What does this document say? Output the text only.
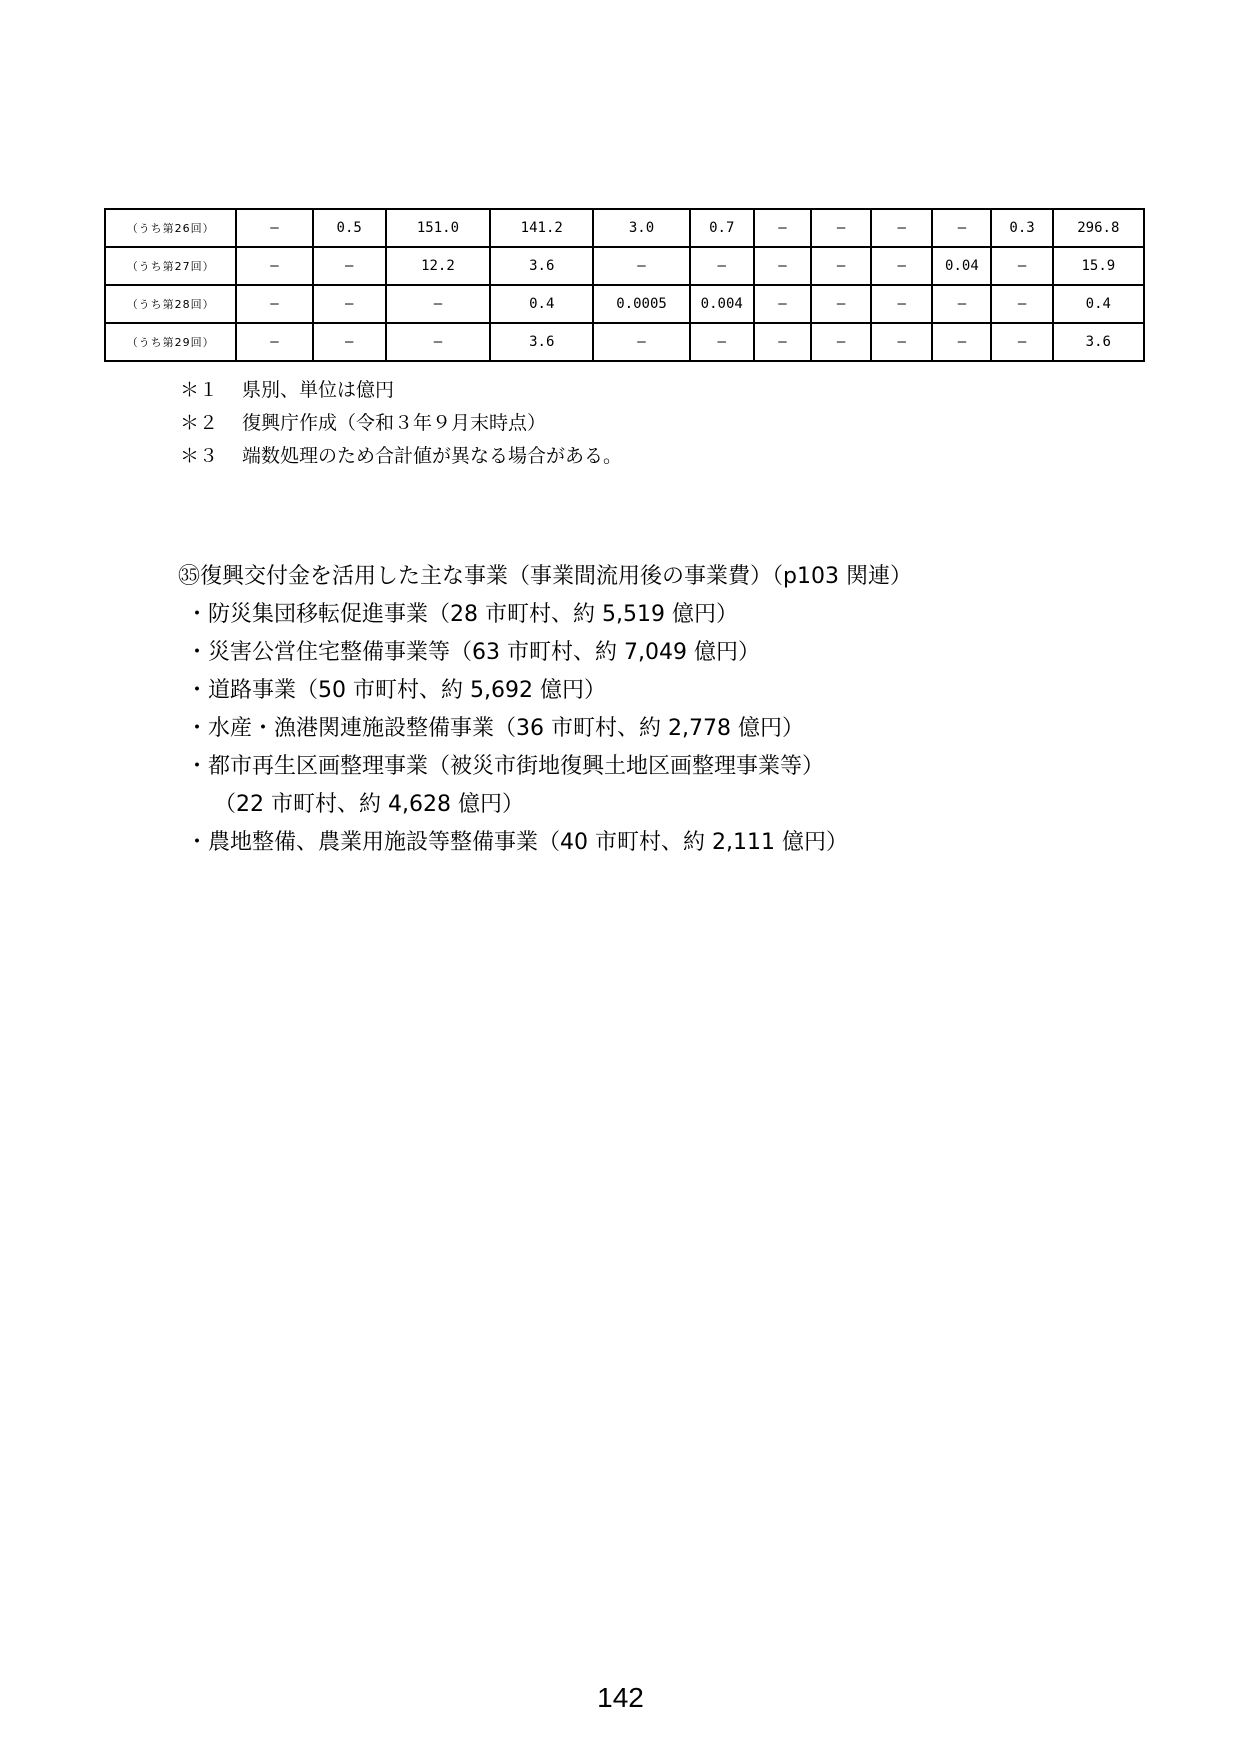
（うち第26回）	―	0.5	151.0	141.2	3.0	0.7	―	―	―	―	0.3	296.8
（うち第27回）	―	―	12.2	3.6	―	―	―	―	―	0.04	―	15.9
（うち第28回）	―	―	―	0.4	0.0005	0.004	―	―	―	―	―	0.4
（うち第29回）	―	―	―	3.6	―	―	―	―	―	―	―	3.6
＊１ 県別、単位は億円
＊２ 復興庁作成（令和３年９月末時点）
＊３ 端数処理のため合計値が異なる場合がある。
㉟復興交付金を活用した主な事業（事業間流用後の事業費）（p103 関連）
・防災集団移転促進事業（28 市町村、約 5,519 億円）
・災害公営住宅整備事業等（63 市町村、約 7,049 億円）
・道路事業（50 市町村、約 5,692 億円）
・水産・漁港関連施設整備事業（36 市町村、約 2,778 億円）
・都市再生区画整理事業（被災市街地復興土地区画整理事業等）
（22 市町村、約 4,628 億円）
・農地整備、農業用施設等整備事業（40 市町村、約 2,111 億円）
142
